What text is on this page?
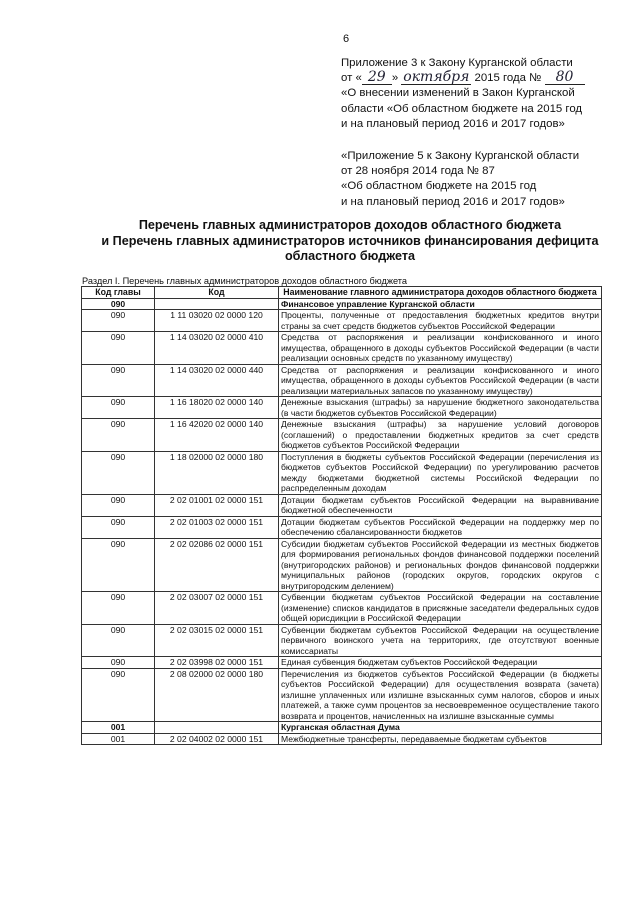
6
Приложение 3 к Закону Курганской области
от « 29 » октября 2015 года № 80
«О внесении изменений в Закон Курганской
области «Об областном бюджете на 2015 год
и на плановый период 2016 и 2017 годов»
«Приложение 5 к Закону Курганской области
от 28 ноября 2014 года № 87
«Об областном бюджете на 2015 год
и на плановый период 2016 и 2017 годов»
Перечень главных администраторов доходов областного бюджета
и Перечень главных администраторов источников финансирования дефицита
областного бюджета
Раздел I. Перечень главных администраторов доходов областного бюджета
Код главы	Код	Наименование главного администратора доходов областного бюджета
090		Финансовое управление Курганской области
090	1 11 03020 02 0000 120	Проценты, полученные от предоставления бюджетных кредитов внутри страны за счет средств бюджетов субъектов Российской Федерации
090	1 14 03020 02 0000 410	Средства от распоряжения и реализации конфискованного и иного имущества, обращенного в доходы субъектов Российской Федерации (в части реализации основных средств по указанному имуществу)
090	1 14 03020 02 0000 440	Средства от распоряжения и реализации конфискованного и иного имущества, обращенного в доходы субъектов Российской Федерации (в части реализации материальных запасов по указанному имуществу)
090	1 16 18020 02 0000 140	Денежные взыскания (штрафы) за нарушение бюджетного законодательства (в части бюджетов субъектов Российской Федерации)
090	1 16 42020 02 0000 140	Денежные взыскания (штрафы) за нарушение условий договоров (соглашений) о предоставлении бюджетных кредитов за счет средств бюджетов субъектов Российской Федерации
090	1 18 02000 02 0000 180	Поступления в бюджеты субъектов Российской Федерации (перечисления из бюджетов субъектов Российской Федерации) по урегулированию расчетов между бюджетами бюджетной системы Российской Федерации по распределенным доходам
090	2 02 01001 02 0000 151	Дотации бюджетам субъектов Российской Федерации на выравнивание бюджетной обеспеченности
090	2 02 01003 02 0000 151	Дотации бюджетам субъектов Российской Федерации на поддержку мер по обеспечению сбалансированности бюджетов
090	2 02 02086 02 0000 151	Субсидии бюджетам субъектов Российской Федерации из местных бюджетов для формирования региональных фондов финансовой поддержки поселений (внутригородских районов) и региональных фондов финансовой поддержки муниципальных районов (городских округов, городских округов с внутригородским делением)
090	2 02 03007 02 0000 151	Субвенции бюджетам субъектов Российской Федерации на составление (изменение) списков кандидатов в присяжные заседатели федеральных судов общей юрисдикции в Российской Федерации
090	2 02 03015 02 0000 151	Субвенции бюджетам субъектов Российской Федерации на осуществление первичного воинского учета на территориях, где отсутствуют военные комиссариаты
090	2 02 03998 02 0000 151	Единая субвенция бюджетам субъектов Российской Федерации
090	2 08 02000 02 0000 180	Перечисления из бюджетов субъектов Российской Федерации (в бюджеты субъектов Российской Федерации) для осуществления возврата (зачета) излишне уплаченных или излишне взысканных сумм налогов, сборов и иных платежей, а также сумм процентов за несвоевременное осуществление такого возврата и процентов, начисленных на излишне взысканные суммы
001		Курганская областная Дума
001	2 02 04002 02 0000 151	Межбюджетные трансферты, передаваемые бюджетам субъектов
